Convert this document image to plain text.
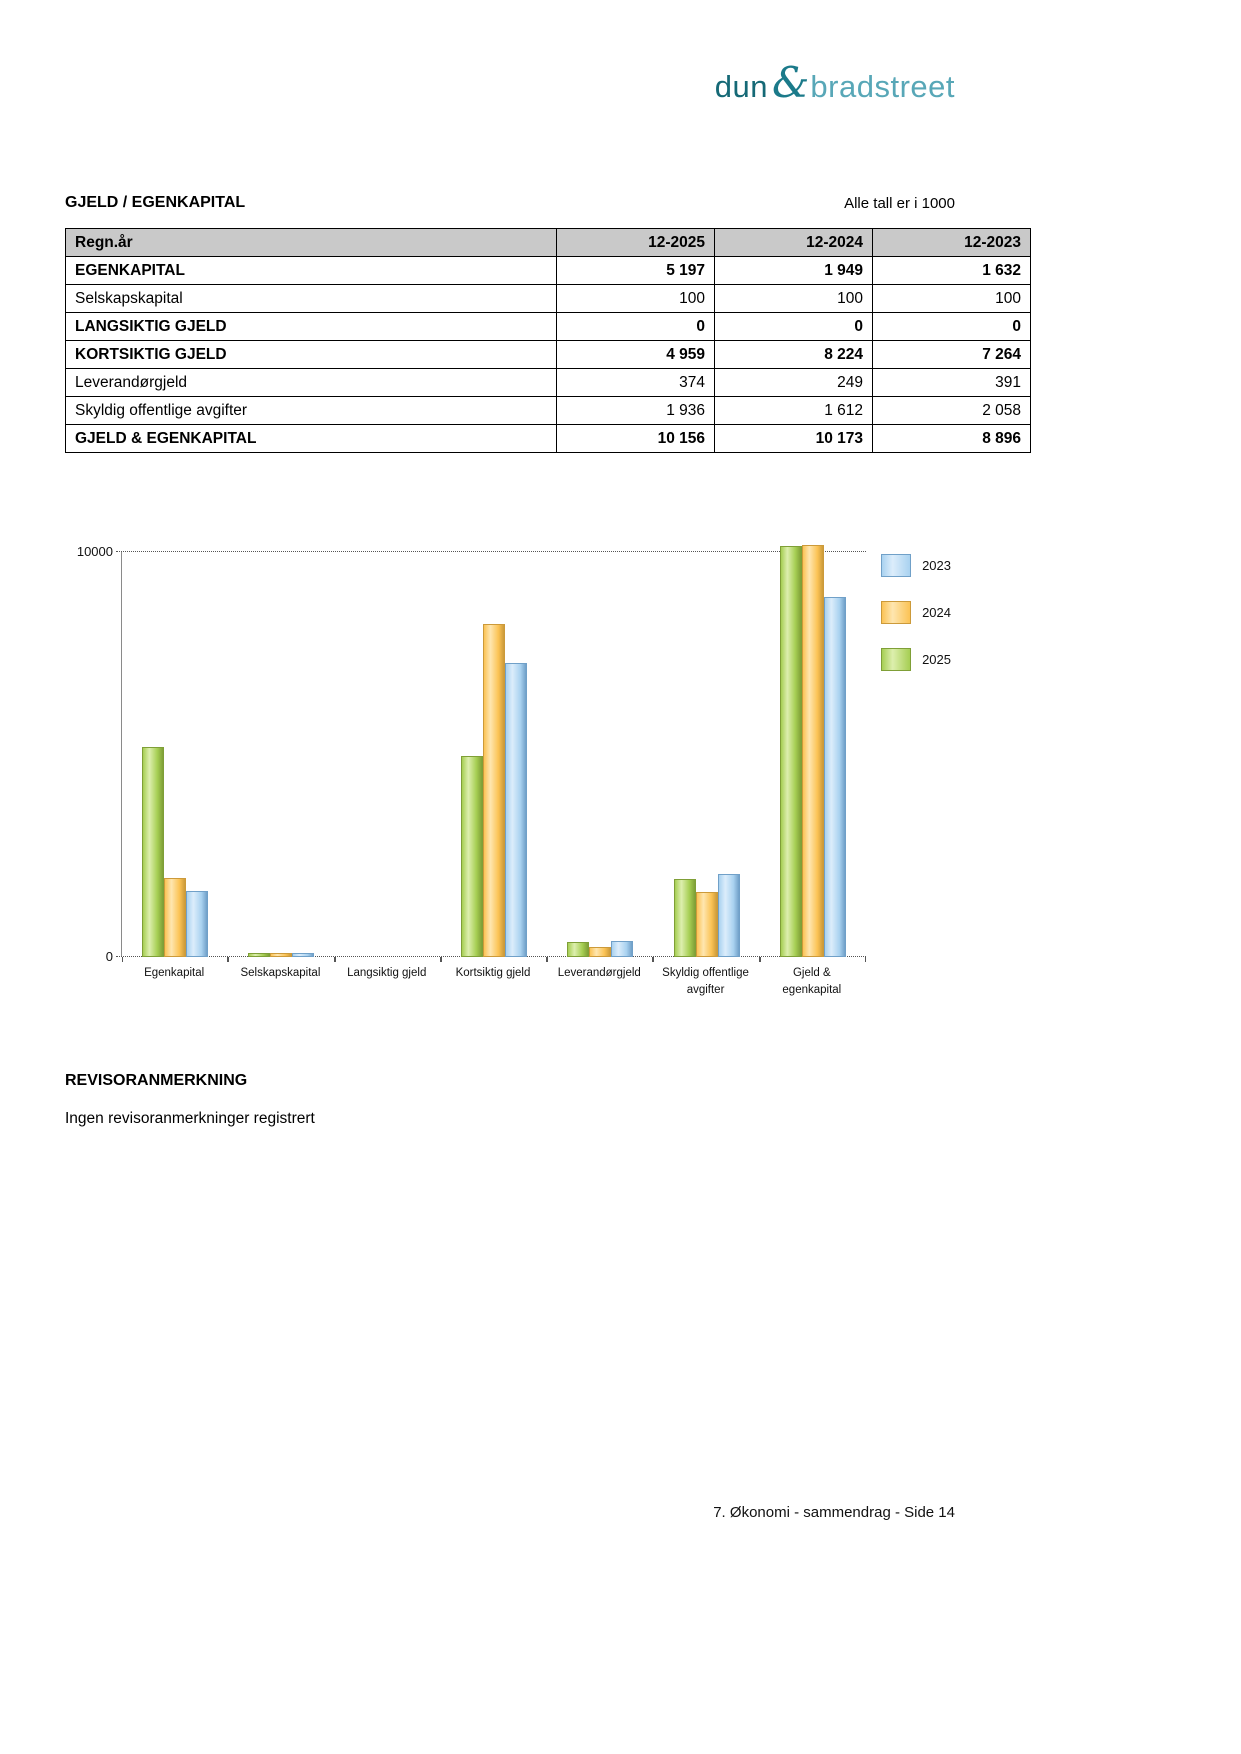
dun & bradstreet
GJELD / EGENKAPITAL	Alle tall er i 1000
Regn.år	12-2025	12-2024	12-2023
EGENKAPITAL	5 197	1 949	1 632
Selskapskapital	100	100	100
LANGSIKTIG GJELD	0	0	0
KORTSIKTIG GJELD	4 959	8 224	7 264
Leverandørgjeld	374	249	391
Skyldig offentlige avgifter	1 936	1 612	2 058
GJELD & EGENKAPITAL	10 156	10 173	8 896
10000
0
Egenkapital	Selskapskapital	Langsiktig gjeld	Kortsiktig gjeld	Leverandørgjeld	Skyldig offentlige avgifter
Gjeld & egenkapital
2023
2024
2025
REVISORANMERKNING

Ingen revisoranmerkninger registrert

7. Økonomi - sammendrag - Side 14
